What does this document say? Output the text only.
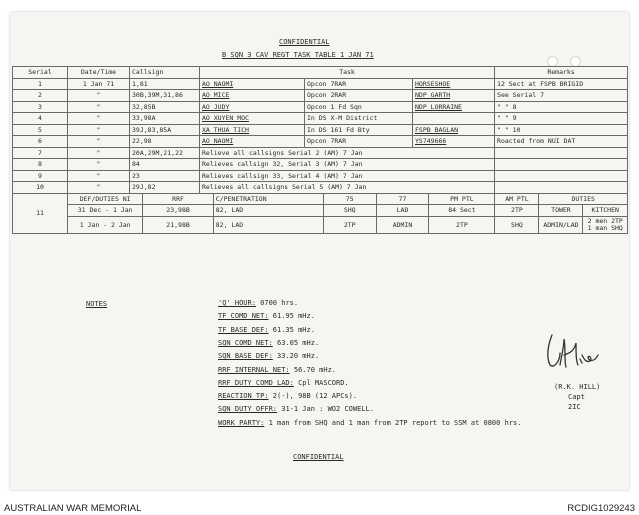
CONFIDENTIAL
B SQN 3 CAV REGT TASK TABLE 1 JAN 71
Serial	Date/Time	Callsign	Task	Remarks
1	1 Jan 71	1,81	AO NAOMI	Opcon 7RAR	HORSESHOE	12 Sect at FSPB BRIGID
2	"	30B,39M,31,86	AO MICE	Opcon 2RAR	NDP GARTH	See Serial 7
3	"	32,85B	AO JUDY	Opcon 1 Fd Sqn	NDP LORRAINE	" " 8
4	"	33,98A	AO XUYEN MOC	In DS X-M District		" " 9
5	"	39J,83,85A	XA THUA TICH	In DS 161 Fd Bty	FSPB BAGLAN	" " 10
6	"	22,98	AO NAOMI	Opcon 7RAR	YS749666	Roacted from NUI DAT
7	"	20A,29M,21,22	Relieve all callsigns Serial 2 (AM) 7 Jan	
8	"	84	Relieves callsign 32, Serial 3 (AM) 7 Jan	
9	"	23	Relieves callsign 33, Serial 4 (AM) 7 Jan	
10	"	29J,82	Relieves all callsigns Serial 5 (AM) 7 Jan	
11	
DEF/DUTIES NI	RRF	C/PENETRATION	75	77	PM PTL	AM PTL	DUTIES
31 Dec - 1 Jan	23,98B	82, LAD	SHQ	LAD	84 Sect	2TP	TOWER	KITCHEN
1 Jan - 2 Jan	21,98B	82, LAD	2TP	ADMIN	2TP	SHQ	ADMIN/LAD	2 men 2TP
1 man SHQ
NOTES	'Q' HOUR: 0700 hrs.
TF COMD NET: 61.95 mHz.
TF BASE DEF: 61.35 mHz.
SQN COMD NET: 63.05 mHz.
SQN BASE DEF: 33.20 mHz.
RRF INTERNAL NET: 56.70 mHz.
RRF DUTY COMD LAD: Cpl MASCORD.
REACTION TP: 2(-), 98B (12 APCs).
SQN DUTY OFFR: 31-1 Jan : WO2 COWELL.
WORK PARTY: 1 man from SHQ and 1 man from 2TP report to SSM at 0800 hrs.
(R.K. HILL)
Capt
2IC
CONFIDENTIAL
AUSTRALIAN WAR MEMORIAL	RCDIG1029243
